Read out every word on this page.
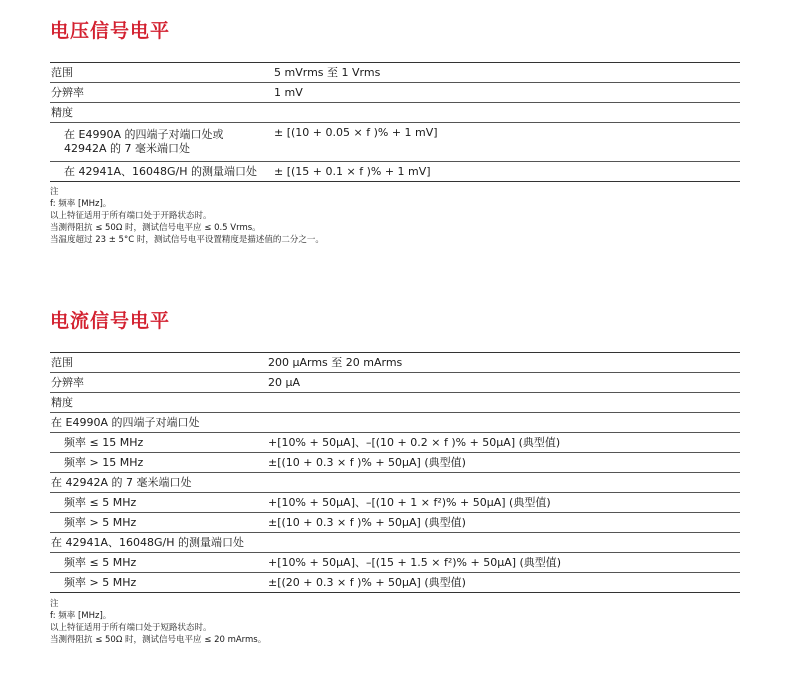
电压信号电平
范围	5 mVrms 至 1 Vrms
分辨率	1 mV
精度	
在 E4990A 的四端子对端口处或 42942A 的 7 毫米端口处	± [(10 + 0.05 × f )% + 1 mV]
在 42941A、16048G/H 的测量端口处	± [(15 + 0.1 × f )% + 1 mV]
注
f: 频率 [MHz]。
以上特征适用于所有端口处于开路状态时。
当测得阻抗 ≤ 50Ω 时，测试信号电平应 ≤ 0.5 Vrms。
当温度超过 23 ± 5°C 时，测试信号电平设置精度是描述值的二分之一。
电流信号电平
范围	200 µArms 至 20 mArms
分辨率	20 µA
精度	
在 E4990A 的四端子对端口处	
频率 ≤ 15 MHz	+[10% + 50µA]、–[(10 + 0.2 × f )% + 50µA] (典型值)
频率 > 15 MHz	±[(10 + 0.3 × f )% + 50µA] (典型值)
在 42942A 的 7 毫米端口处	
频率 ≤ 5 MHz	+[10% + 50µA]、–[(10 + 1 × f²)% + 50µA] (典型值)
频率 > 5 MHz	±[(10 + 0.3 × f )% + 50µA] (典型值)
在 42941A、16048G/H 的测量端口处	
频率 ≤ 5 MHz	+[10% + 50µA]、–[(15 + 1.5 × f²)% + 50µA] (典型值)
频率 > 5 MHz	±[(20 + 0.3 × f )% + 50µA] (典型值)
注
f: 频率 [MHz]。
以上特征适用于所有端口处于短路状态时。
当测得阻抗 ≤ 50Ω 时，测试信号电平应 ≤ 20 mArms。
